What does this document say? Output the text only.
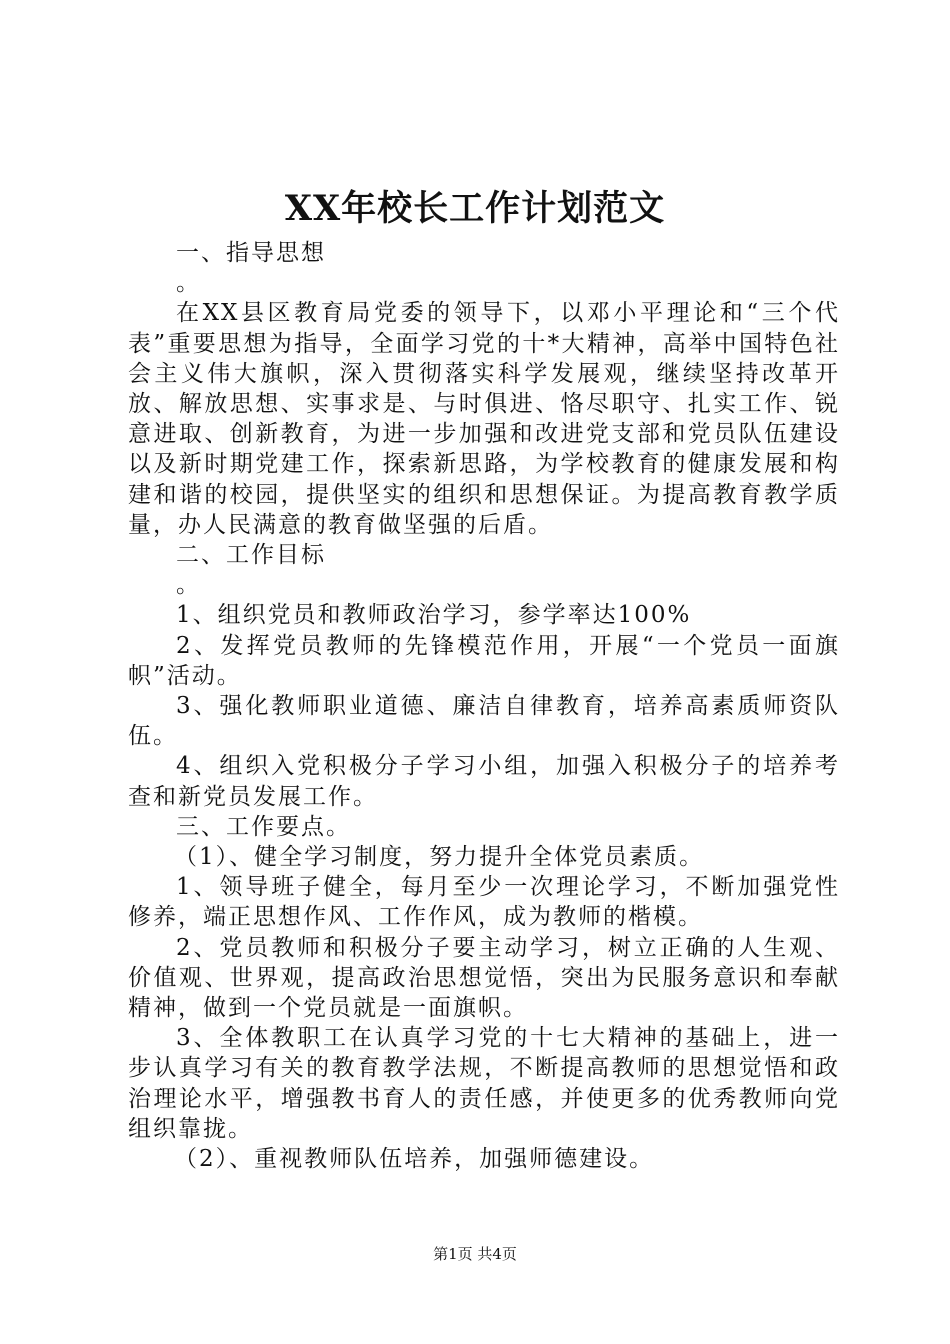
XX年校长工作计划范文

一、指导思想

。

在XX县区教育局党委的领导下，以邓小平理论和“三个代表”重要思想为指导，全面学习党的十*大精神，高举中国特色社会主义伟大旗帜，深入贯彻落实科学发展观，继续坚持改革开放、解放思想、实事求是、与时俱进、恪尽职守、扎实工作、锐意进取、创新教育，为进一步加强和改进党支部和党员队伍建设以及新时期党建工作，探索新思路，为学校教育的健康发展和构建和谐的校园，提供坚实的组织和思想保证。为提高教育教学质量，办人民满意的教育做坚强的后盾。

二、工作目标

。

1、组织党员和教师政治学习，参学率达100%

2、发挥党员教师的先锋模范作用，开展“一个党员一面旗帜”活动。

3、强化教师职业道德、廉洁自律教育，培养高素质师资队伍。

4、组织入党积极分子学习小组，加强入积极分子的培养考查和新党员发展工作。

三、工作要点。

（1）、健全学习制度，努力提升全体党员素质。

1、领导班子健全，每月至少一次理论学习，不断加强党性修养，端正思想作风、工作作风，成为教师的楷模。

2、党员教师和积极分子要主动学习，树立正确的人生观、价值观、世界观，提高政治思想觉悟，突出为民服务意识和奉献精神，做到一个党员就是一面旗帜。

3、全体教职工在认真学习党的十七大精神的基础上，进一步认真学习有关的教育教学法规，不断提高教师的思想觉悟和政治理论水平，增强教书育人的责任感，并使更多的优秀教师向党组织靠拢。

（2）、重视教师队伍培养，加强师德建设。

第1页 共4页
